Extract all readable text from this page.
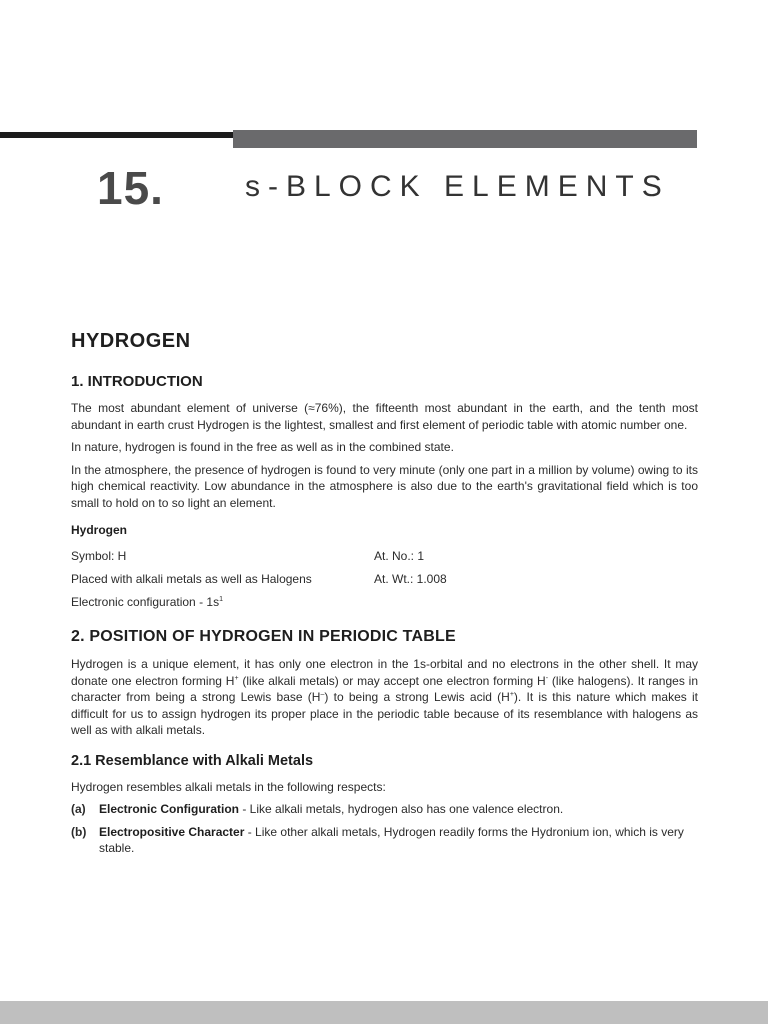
15.	s-BLOCK ELEMENTS
HYDROGEN
1. INTRODUCTION

The most abundant element of universe (≈76%), the fifteenth most abundant in the earth, and the tenth most abundant in earth crust Hydrogen is the lightest, smallest and first element of periodic table with atomic number one.

In nature, hydrogen is found in the free as well as in the combined state.

In the atmosphere, the presence of hydrogen is found to very minute (only one part in a million by volume) owing to its high chemical reactivity. Low abundance in the atmosphere is also due to the earth's gravitational field which is too small to hold on to so light an element.

Hydrogen
Symbol: H	At. No.: 1
Placed with alkali metals as well as Halogens	At. Wt.: 1.008
Electronic configuration - $1s^1$
2. POSITION OF HYDROGEN IN PERIODIC TABLE

Hydrogen is a unique element, it has only one electron in the 1s-orbital and no electrons in the other shell. It may donate one electron forming H+ (like alkali metals) or may accept one electron forming H- (like halogens). It ranges in character from being a strong Lewis base (H–) to being a strong Lewis acid (H+). It is this nature which makes it difficult for us to assign hydrogen its proper place in the periodic table because of its resemblance with halogens as well as with alkali metals.

2.1 Resemblance with Alkali Metals

Hydrogen resembles alkali metals in the following respects:

(a)	Electronic Configuration - Like alkali metals, hydrogen also has one valence electron.
(b)	Electropositive Character - Like other alkali metals, Hydrogen readily forms the Hydronium ion, which is very stable.
